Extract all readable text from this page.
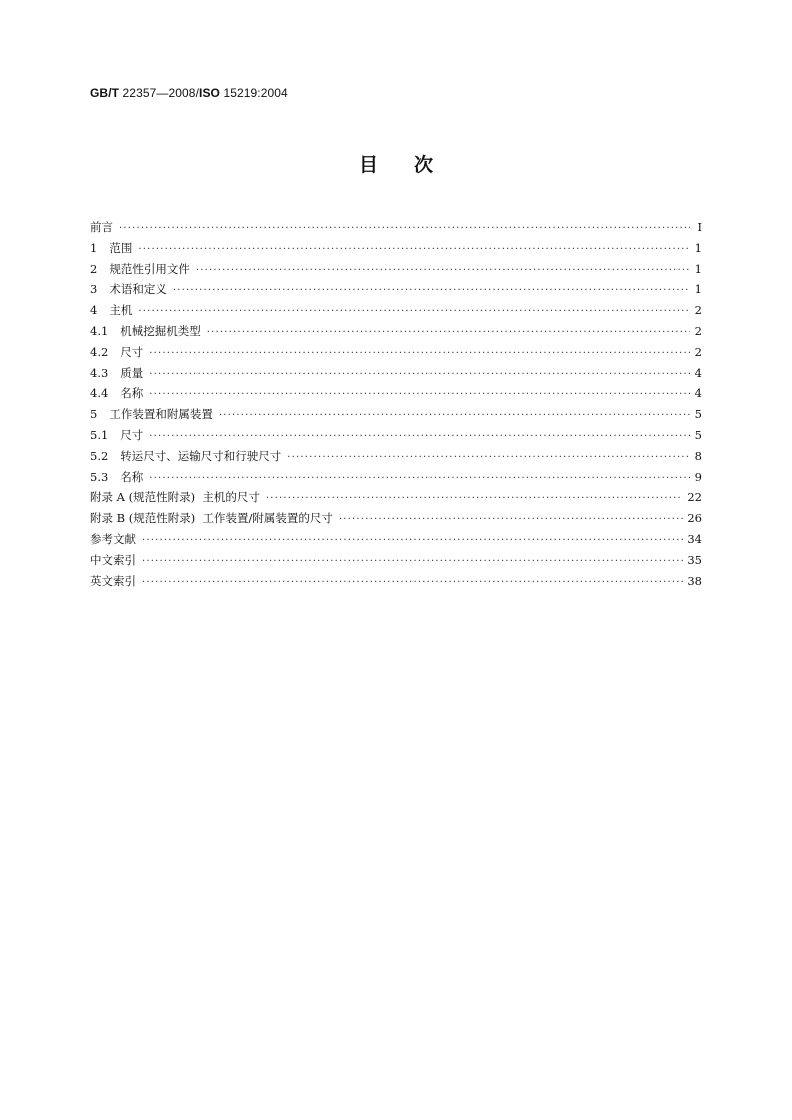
GB/T 22357—2008/ISO 15219:2004
目次
前言 ·····	I
1 范围 ·····	1
2 规范性引用文件 ·····	1
3 术语和定义 ·····	1
4 主机 ·····	2
4.1 机械挖掘机类型 ·····	2
4.2 尺寸 ·····	2
4.3 质量 ·····	4
4.4 名称 ·····	4
5 工作装置和附属装置 ·····	5
5.1 尺寸 ·····	5
5.2 转运尺寸、运输尺寸和行驶尺寸 ·····	8
5.3 名称 ·····	9
附录 A (规范性附录)  主机的尺寸 ·····	22
附录 B (规范性附录)  工作装置/附属装置的尺寸 ·····	26
参考文献 ·····	34
中文索引 ·····	35
英文索引 ·····	38
